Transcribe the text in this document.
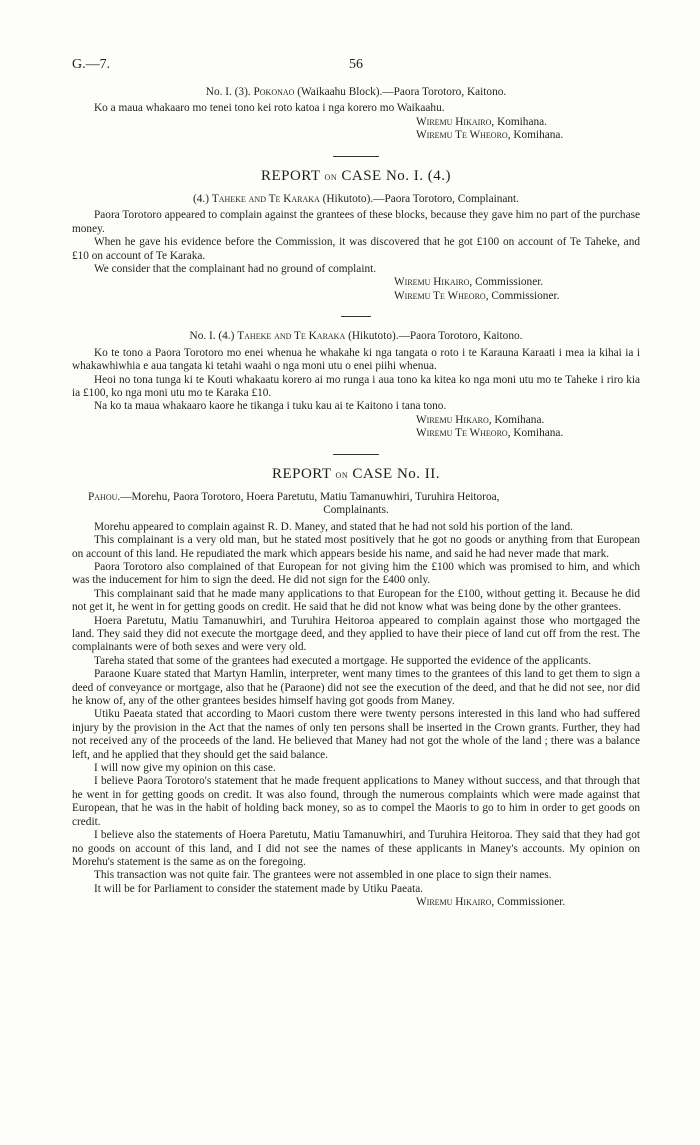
G.—7.	56

No. I. (3). Pokonao (Waikaahu Block).—Paora Torotoro, Kaitono.

Ko a maua whakaaro mo tenei tono kei roto katoa i nga korero mo Waikaahu.

Wiremu Hikairo, Komihana.

Wiremu Te Wheoro, Komihana.

REPORT on CASE No. I. (4.)

(4.) Taheke and Te Karaka (Hikutoto).—Paora Torotoro, Complainant.

Paora Torotoro appeared to complain against the grantees of these blocks, because they gave him no part of the purchase money.

When he gave his evidence before the Commission, it was discovered that he got £100 on account of Te Taheke, and £10 on account of Te Karaka.

We consider that the complainant had no ground of complaint.

Wiremu Hikairo, Commissioner.

Wiremu Te Wheoro, Commissioner.

No. I. (4.) Taheke and Te Karaka (Hikutoto).—Paora Torotoro, Kaitono.

Ko te tono a Paora Torotoro mo enei whenua he whakahe ki nga tangata o roto i te Karauna Karaati i mea ia kihai ia i whakawhiwhia e aua tangata ki tetahi waahi o nga moni utu o enei piihi whenua.

Heoi no tona tunga ki te Kouti whakaatu korero ai mo runga i aua tono ka kitea ko nga moni utu mo te Taheke i riro kia ia £100, ko nga moni utu mo te Karaka £10.

Na ko ta maua whakaaro kaore he tikanga i tuku kau ai te Kaitono i tana tono.

Wiremu Hikaro, Komihana.

Wiremu Te Wheoro, Komihana.

REPORT on CASE No. II.

Pahou.—Morehu, Paora Torotoro, Hoera Paretutu, Matiu Tamanuwhiri, Turuhira Heitoroa,

Complainants.

Morehu appeared to complain against R. D. Maney, and stated that he had not sold his portion of the land.

This complainant is a very old man, but he stated most positively that he got no goods or anything from that European on account of this land. He repudiated the mark which appears beside his name, and said he had never made that mark.

Paora Torotoro also complained of that European for not giving him the £100 which was promised to him, and which was the inducement for him to sign the deed. He did not sign for the £400 only.

This complainant said that he made many applications to that European for the £100, without getting it. Because he did not get it, he went in for getting goods on credit. He said that he did not know what was being done by the other grantees.

Hoera Paretutu, Matiu Tamanuwhiri, and Turuhira Heitoroa appeared to complain against those who mortgaged the land. They said they did not execute the mortgage deed, and they applied to have their piece of land cut off from the rest. The complainants were of both sexes and were very old.

Tareha stated that some of the grantees had executed a mortgage. He supported the evidence of the applicants.

Paraone Kuare stated that Martyn Hamlin, interpreter, went many times to the grantees of this land to get them to sign a deed of conveyance or mortgage, also that he (Paraone) did not see the execution of the deed, and that he did not see, nor did he know of, any of the other grantees besides himself having got goods from Maney.

Utiku Paeata stated that according to Maori custom there were twenty persons interested in this land who had suffered injury by the provision in the Act that the names of only ten persons shall be inserted in the Crown grants. Further, they had not received any of the proceeds of the land. He believed that Maney had not got the whole of the land ; there was a balance left, and he applied that they should get the said balance.

I will now give my opinion on this case.

I believe Paora Torotoro's statement that he made frequent applications to Maney without success, and that through that he went in for getting goods on credit. It was also found, through the numerous complaints which were made against that European, that he was in the habit of holding back money, so as to compel the Maoris to go to him in order to get goods on credit.

I believe also the statements of Hoera Paretutu, Matiu Tamanuwhiri, and Turuhira Heitoroa. They said that they had got no goods on account of this land, and I did not see the names of these applicants in Maney's accounts. My opinion on Morehu's statement is the same as on the foregoing.

This transaction was not quite fair. The grantees were not assembled in one place to sign their names.

It will be for Parliament to consider the statement made by Utiku Paeata.

Wiremu Hikairo, Commissioner.
